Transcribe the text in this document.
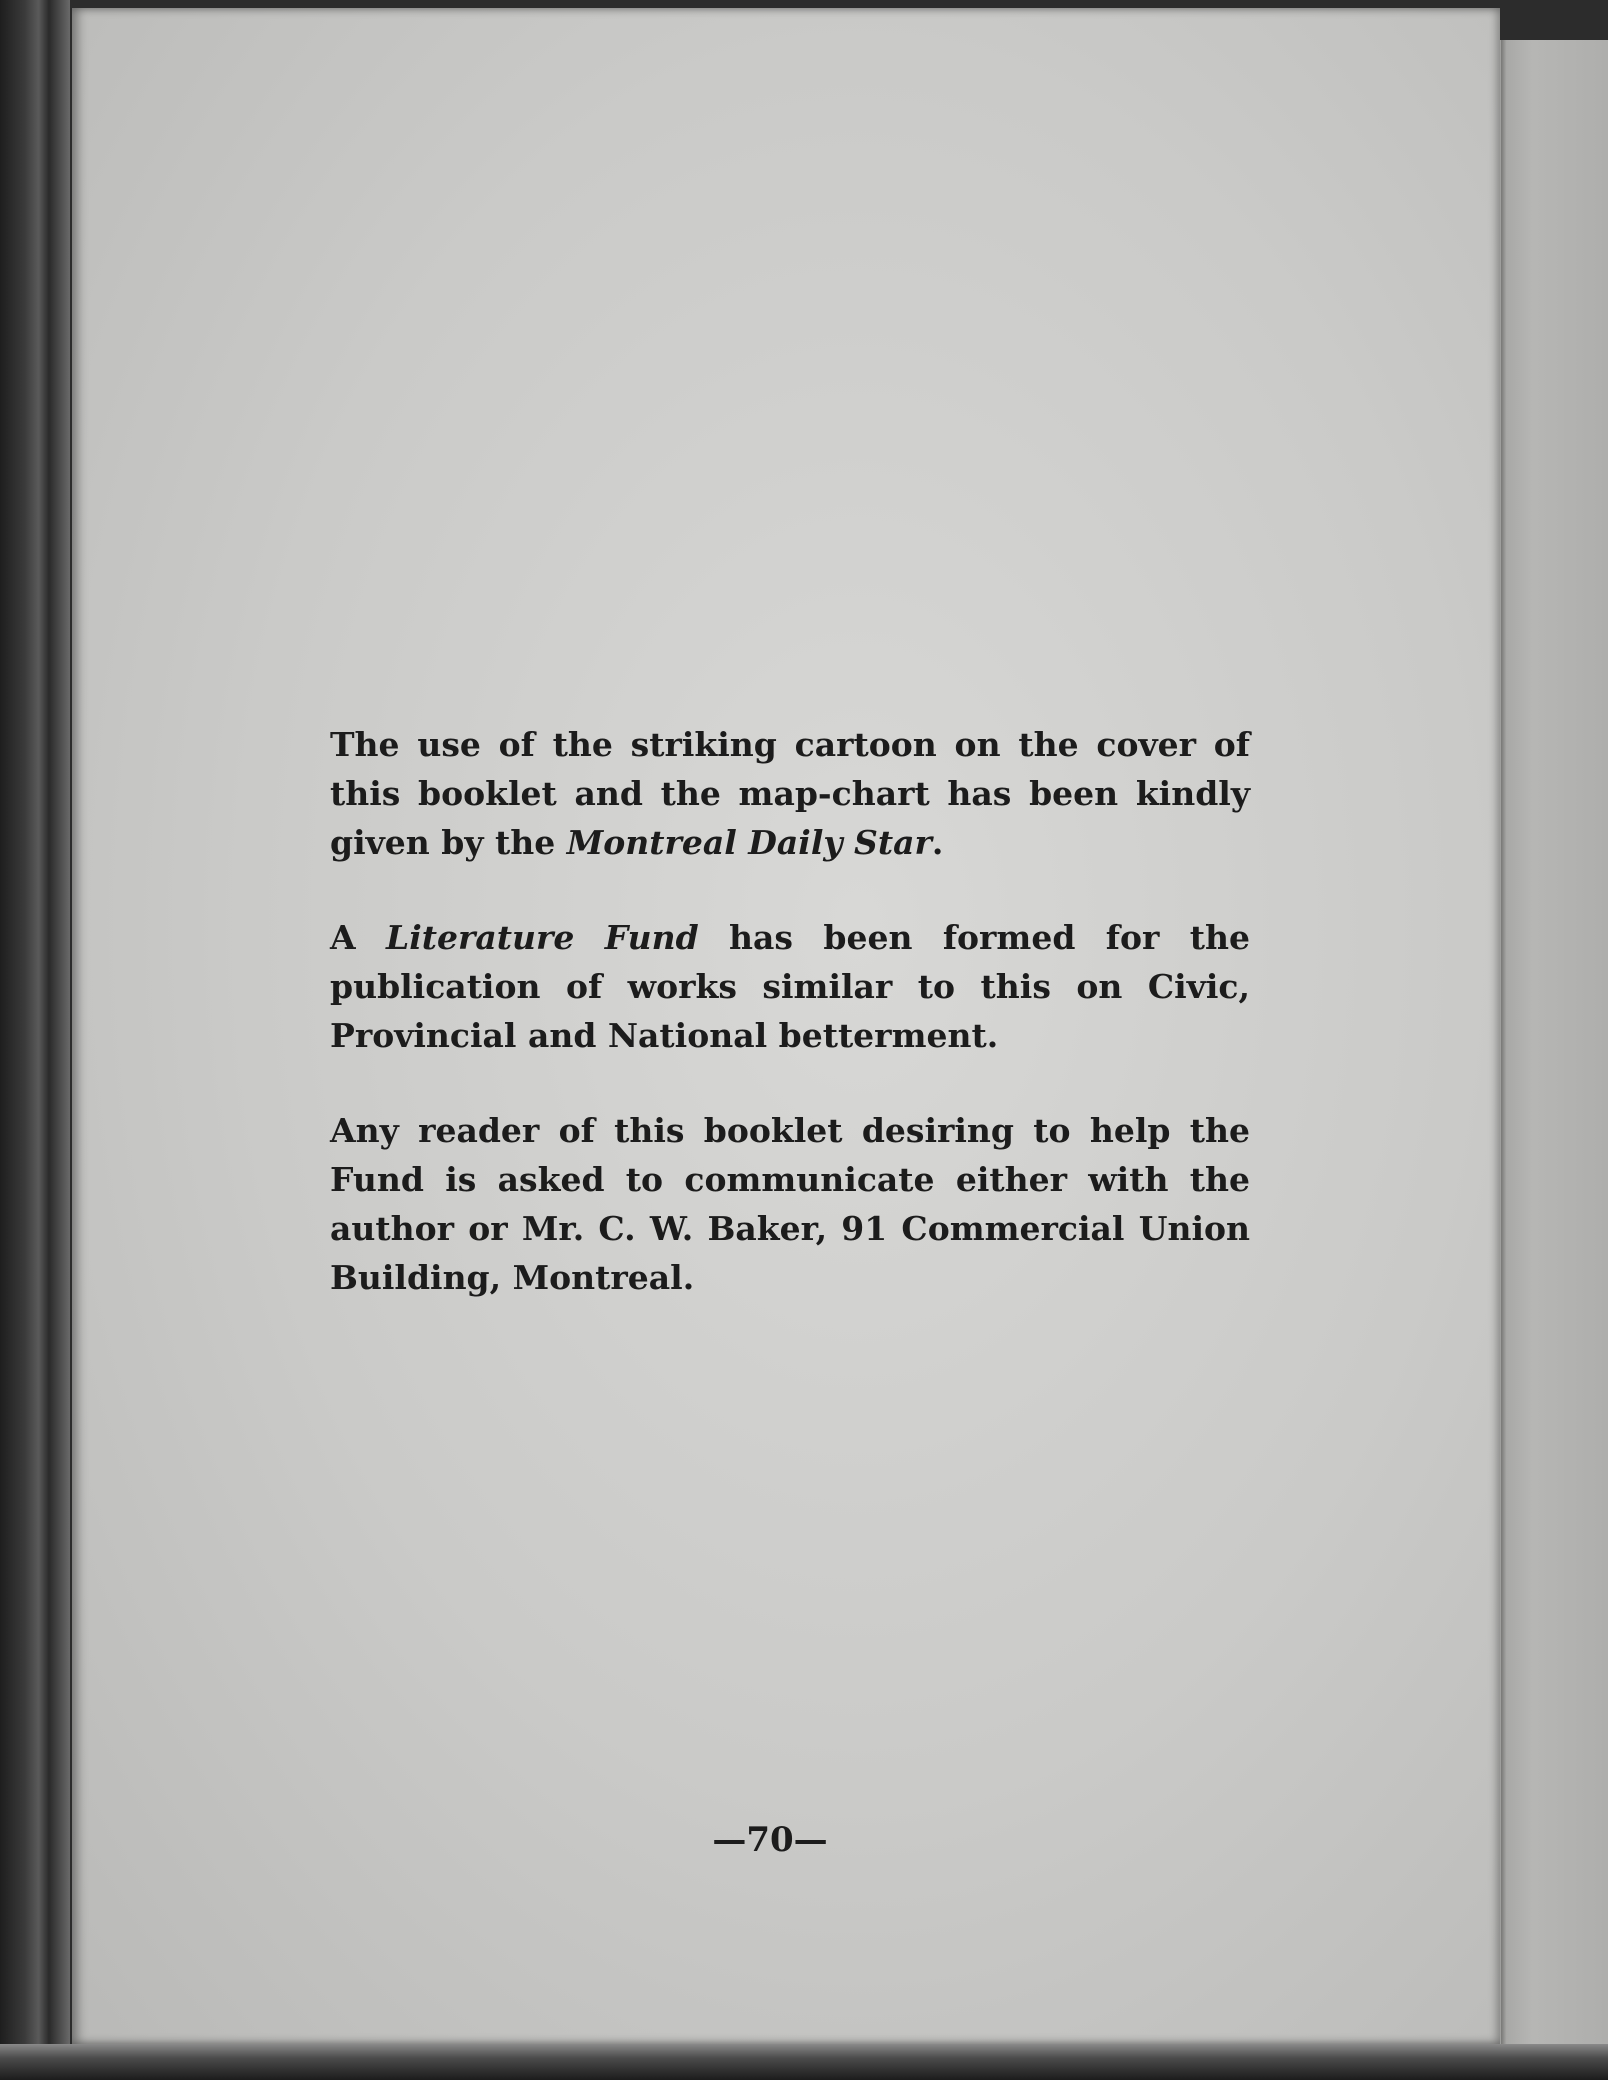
The use of the striking cartoon on the cover of this booklet and the map-chart has been kindly given by the Montreal Daily Star.

A Literature Fund has been formed for the publication of works similar to this on Civic, Provincial and National betterment.

Any reader of this booklet desiring to help the Fund is asked to communicate either with the author or Mr. C. W. Baker, 91 Commercial Union Building, Montreal.

—70—
